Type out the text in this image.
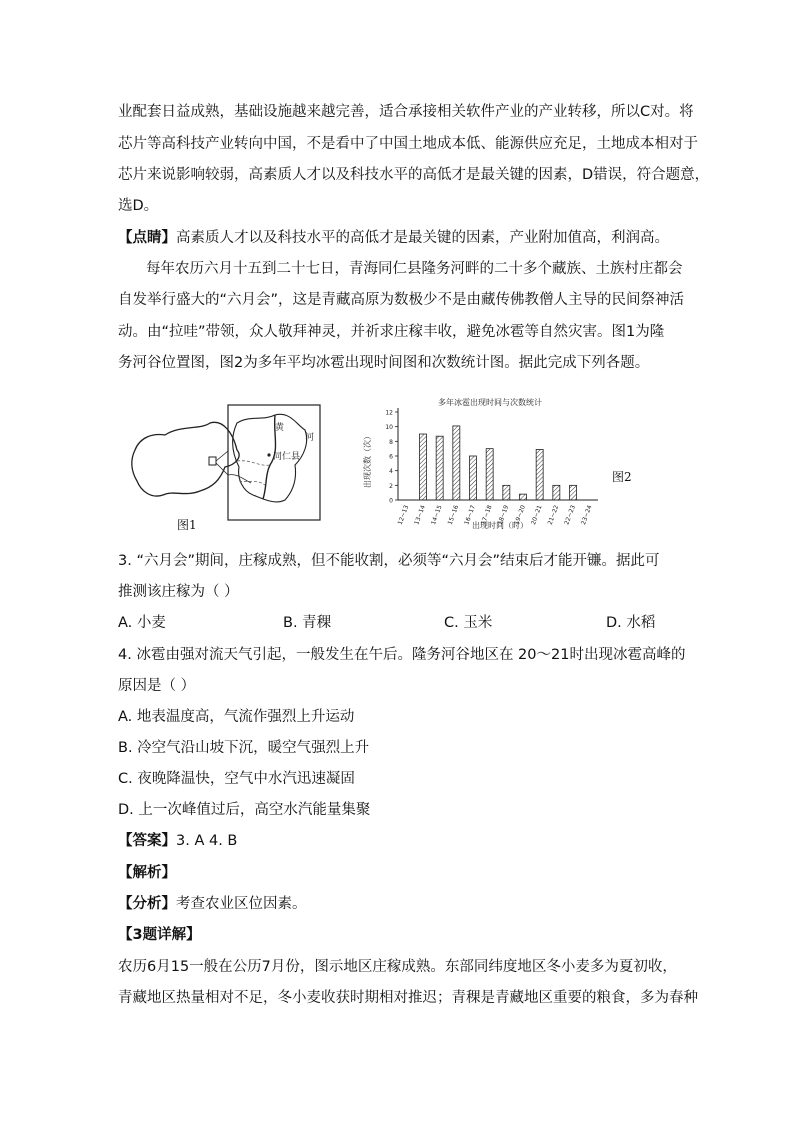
业配套日益成熟，基础设施越来越完善，适合承接相关软件产业的产业转移，所以C对。将
芯片等高科技产业转向中国，不是看中了中国土地成本低、能源供应充足，土地成本相对于
芯片来说影响较弱，高素质人才以及科技水平的高低才是最关键的因素，D错误，符合题意，
选D。
【点睛】高素质人才以及科技水平的高低才是最关键的因素，产业附加值高，利润高。
每年农历六月十五到二十七日，青海同仁县隆务河畔的二十多个藏族、土族村庄都会
自发举行盛大的“六月会”，这是青藏高原为数极少不是由藏传佛教僧人主导的民间祭神活
动。由“拉哇”带领，众人敬拜神灵，并祈求庄稼丰收，避免冰雹等自然灾害。图1为隆
务河谷位置图，图2为多年平均冰雹出现时间图和次数统计图。据此完成下列各题。
黄
河
同仁县
图1
多年冰雹出现时间与次数统计
出现次数（次）
出现时间（时）
0
2
4
6
8
10
12
12~13 13~14 14~15 15~16 16~17 17~18 18~19 19~20 20~21 21~22 22~23 23~24
图2
3. “六月会”期间，庄稼成熟，但不能收割，必须等“六月会”结束后才能开镰。据此可
推测该庄稼为（ ）
A. 小麦	B. 青稞	C. 玉米	D. 水稻
4. 冰雹由强对流天气引起，一般发生在午后。隆务河谷地区在 20～21时出现冰雹高峰的
原因是（ ）
A. 地表温度高，气流作强烈上升运动
B. 冷空气沿山坡下沉，暖空气强烈上升
C. 夜晚降温快，空气中水汽迅速凝固
D. 上一次峰值过后，高空水汽能量集聚
【答案】3. A 4. B
【解析】
【分析】考查农业区位因素。
【3题详解】
农历6月15一般在公历7月份，图示地区庄稼成熟。东部同纬度地区冬小麦多为夏初收，
青藏地区热量相对不足，冬小麦收获时期相对推迟；青稞是青藏地区重要的粮食，多为春种
